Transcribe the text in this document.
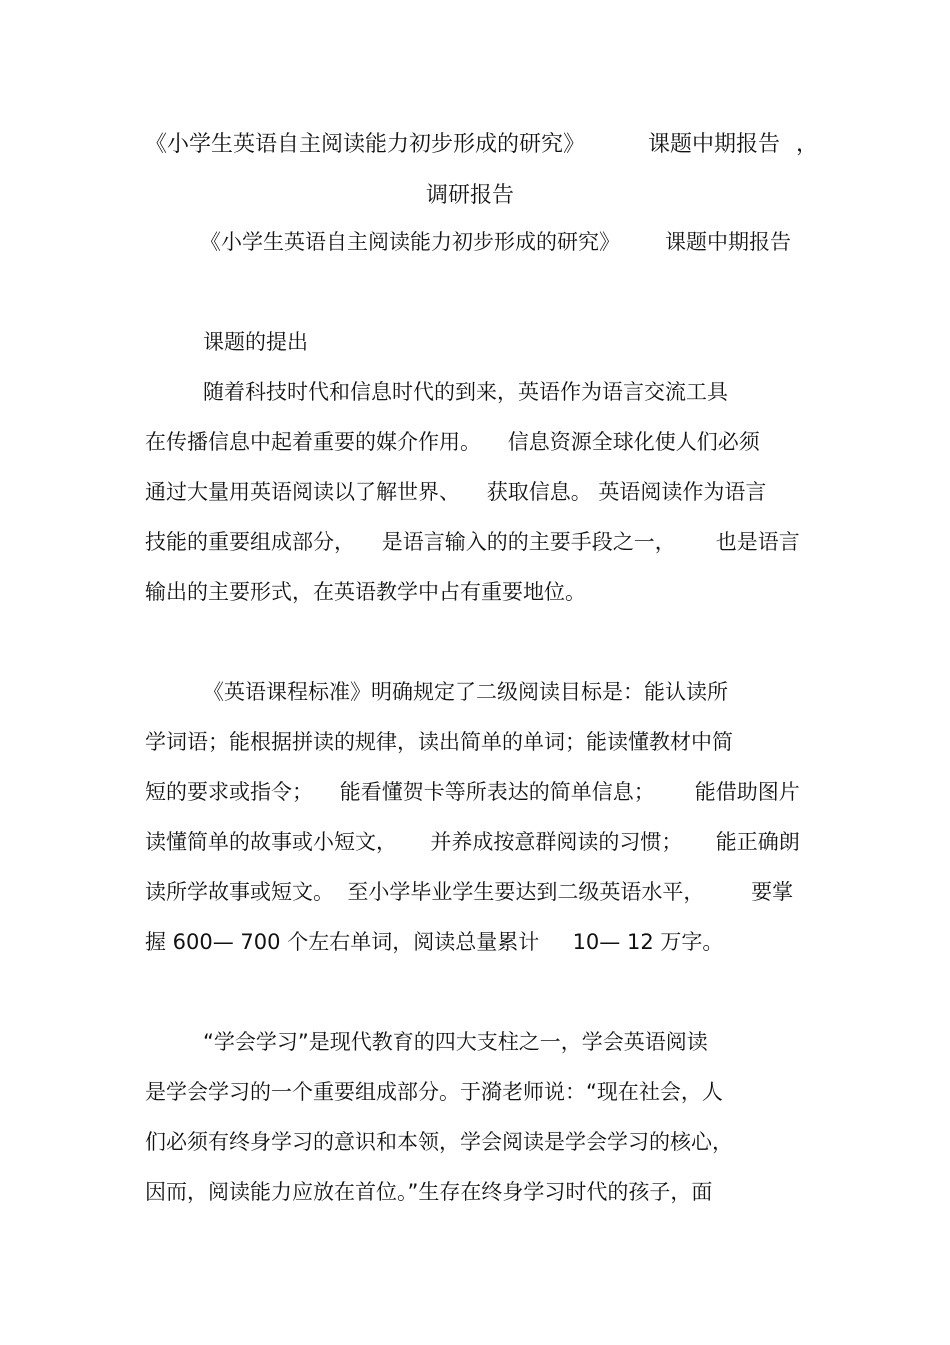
《小学生英语自主阅读能力初步形成的研究》	课题中期报告 ，
调研报告
《小学生英语自主阅读能力初步形成的研究》 课题中期报告
课题的提出
随着科技时代和信息时代的到来，英语作为语言交流工具
在传播信息中起着重要的媒介作用。    信息资源全球化使人们必须
通过大量用英语阅读以了解世界、    获取信息。 英语阅读作为语言
技能的重要组成部分，    是语言输入的的主要手段之一，      也是语言
输出的主要形式，在英语教学中占有重要地位。
《英语课程标准》明确规定了二级阅读目标是：能认读所
学词语；能根据拼读的规律，读出简单的单词；能读懂教材中简
短的要求或指令；    能看懂贺卡等所表达的简单信息；      能借助图片
读懂简单的故事或小短文，     并养成按意群阅读的习惯；     能正确朗
读所学故事或短文。  至小学毕业学生要达到二级英语水平，       要掌
握 600— 700 个左右单词，阅读总量累计     10— 12 万字。
“学会学习”是现代教育的四大支柱之一，学会英语阅读
是学会学习的一个重要组成部分。于漪老师说：“现在社会，人
们必须有终身学习的意识和本领，学会阅读是学会学习的核心，
因而，阅读能力应放在首位。”生存在终身学习时代的孩子，面
